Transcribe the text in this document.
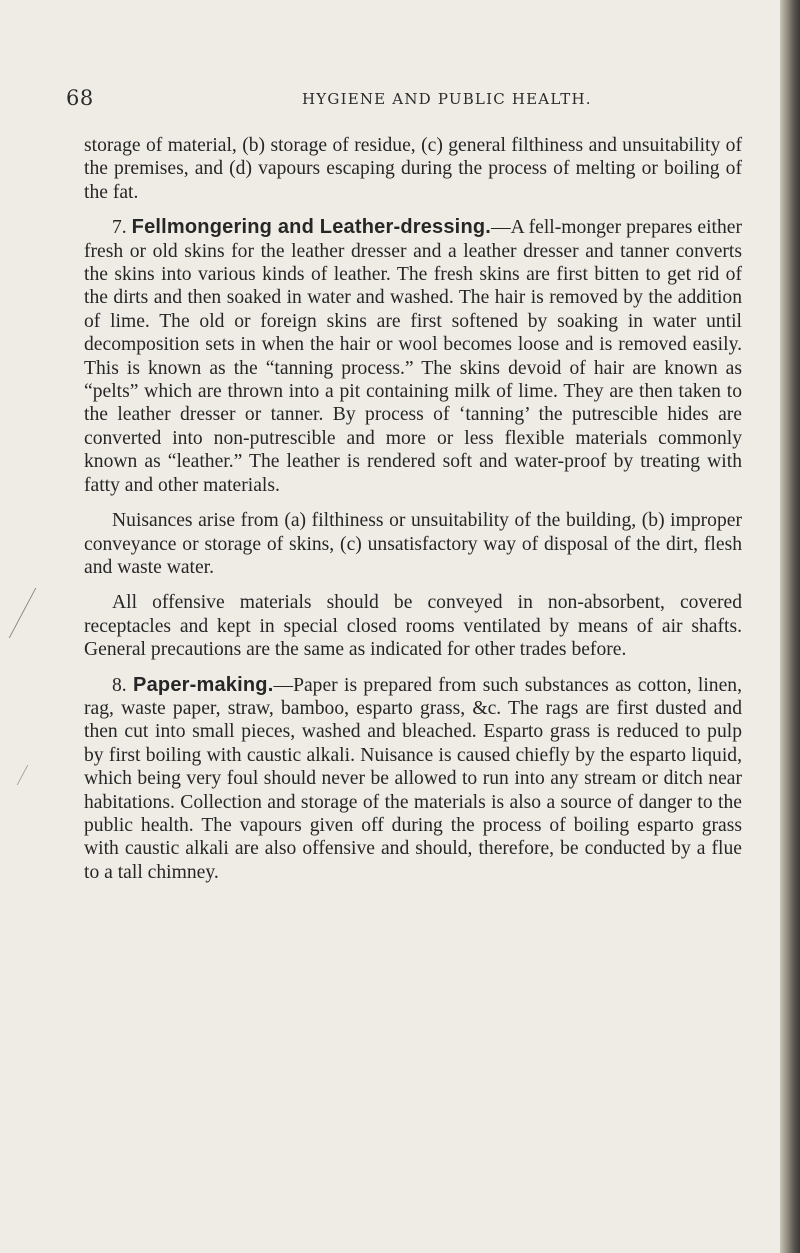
68	HYGIENE AND PUBLIC HEALTH.

storage of material, (b) storage of residue, (c) general filthiness and unsuitability of the premises, and (d) vapours escaping during the process of melting or boiling of the fat.

7. Fellmongering and Leather-dressing.—A fell-monger prepares either fresh or old skins for the leather dresser and a leather dresser and tanner converts the skins into various kinds of leather. The fresh skins are first bitten to get rid of the dirts and then soaked in water and washed. The hair is removed by the addition of lime. The old or foreign skins are first softened by soaking in water until decomposition sets in when the hair or wool becomes loose and is removed easily. This is known as the “tanning process.” The skins devoid of hair are known as “pelts” which are thrown into a pit containing milk of lime. They are then taken to the leather dresser or tanner. By process of ‘tanning’ the putrescible hides are converted into non-putrescible and more or less flexible materials commonly known as “leather.” The leather is rendered soft and water-proof by treating with fatty and other materials.

Nuisances arise from (a) filthiness or unsuitability of the building, (b) improper conveyance or storage of skins, (c) unsatisfactory way of disposal of the dirt, flesh and waste water.

All offensive materials should be conveyed in non-absorbent, covered receptacles and kept in special closed rooms ventilated by means of air shafts. General precautions are the same as indicated for other trades before.

8. Paper-making.—Paper is prepared from such substances as cotton, linen, rag, waste paper, straw, bamboo, esparto grass, &c. The rags are first dusted and then cut into small pieces, washed and bleached. Esparto grass is reduced to pulp by first boiling with caustic alkali. Nuisance is caused chiefly by the esparto liquid, which being very foul should never be allowed to run into any stream or ditch near habitations. Collection and storage of the materials is also a source of danger to the public health. The vapours given off during the process of boiling esparto grass with caustic alkali are also offensive and should, therefore, be conducted by a flue to a tall chimney.
